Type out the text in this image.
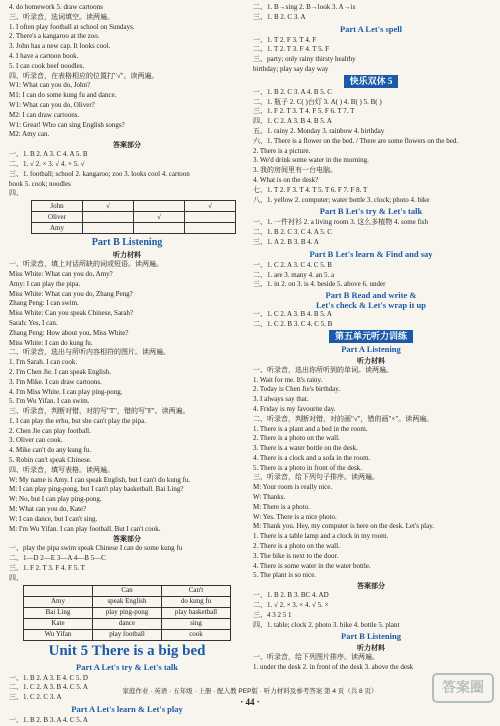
4. do homework 5. draw cartoons

三、听录音，选词填空。读两遍。

1. I often play football at school on Sundays.

2. There's a kangaroo at the zoo.

3. John has a new cap. It looks cool.

4. I have a cartoon book.

5. I can cook beef noodles.

四、听录音，在表格相应的位置打"√"。读两遍。

W1: What can you do, John?

M1: I can do some kung fu and dance.

W1: What can you do, Oliver?

M2: I can draw cartoons.

W1: Great! Who can sing English songs?

M2: Amy can.

答案部分

一、1. B 2. A 3. C 4. A 5. B

二、1. √ 2. × 3. √ 4. × 5. √

三、1. football; school 2. kangaroo; zoo 3. looks cool 4. cartoon

book 5. cook; noodles

四、

John	√		√
Oliver		√	
Amy			

Part B Listening

听力材料

一、听录音，填上对话所缺的词或短语。读两遍。

Miss White: What can you do, Amy?

Amy: I can play the pipa.

Miss White: What can you do, Zhang Peng?

Zhang Peng: I can swim.

Miss White: Can you speak Chinese, Sarah?

Sarah: Yes, I can.

Zhang Peng: How about you, Miss White?

Miss White: I can do kung fu.

二、听录音，选出与所听内容相符的图片。读两遍。

1. I'm Sarah. I can cook.

2. I'm Chen Jie. I can speak English.

3. I'm Mike. I can draw cartoons.

4. I'm Miss White. I can play ping-pong.

5. I'm Wu Yifan. I can swim.

三、听录音，判断对错，对的写"T"，错的写"F"。读两遍。

1. I can play the erhu, but she can't play the pipa.

2. Chen Jie can play football.

3. Oliver can cook.

4. Mike can't do any kung fu.

5. Robin can't speak Chinese.

四、听录音，填写表格。读两遍。

W: My name is Amy. I can speak English, but I can't do kung fu.

M: I can play ping-pong, but I can't play basketball. Bai Ling?

W: No, but I can play ping-pong.

M: What can you do, Kate?

W: I can dance, but I can't sing.

M: I'm Wu Yifan. I can play football. But I can't cook.

答案部分

一、play the pipa swim speak Chinese I can do some kung fu

二、1—D 2—E 3—A 4—B 5—C

三、1. F 2. T 3. F 4. F 5. T

四、

	Can	Can't
Amy	speak English	do kung fu
Bai Ling	play ping-pong	play basketball
Kate	dance	sing
Wu Yifan	play football	cook

Unit 5 There is a big bed

Part A Let's try & Let's talk

一、1. B 2. A 3. E 4. C 5. D

二、1. C 2. A 3. B 4. C 5. A

三、1. C 2. C 3. A

Part A Let's learn & Let's play

一、1. B 2. B 3. A 4. C 5. A

二、1. B→sing 2. B→look 3. A→is

三、1. B 2. C 3. A

Part A Let's spell

一、1. T 2. F 3. T 4. F

二、1. T 2. T 3. F 4. T 5. F

三、party; only rainy thirsty healthy

birthday; play say day way

快乐双休 5

一、1. B 2. C 3. A 4. B 5. C

二、1. 瓶子 2. C( )台灯 3. A( ) 4. B( ) 5. B( )

三、1. F 2. T 3. T 4. F 5. F 6. T 7. T

四、1. C 2. A 3. B 4. B 5. A

五、1. rainy 2. Monday 3. rainbow 4. birthday

六、1. There is a flower on the bed. / There are some flowers on the bed.

2. There is a picture.

3. We'd drink some water in the morning.

3. 我的房间里有一台电脑。

4. What is on the desk?

七、1. T 2. F 3. T 4. T 5. T 6. F 7. F 8. T

八、1. yellow 2. computer; water bottle 3. clock; photo 4. bike

Part B Let's try & Let's talk

一、1. 一件衬衫 2. a living room 3. 这么多植物 4. some fish

二、1. B 2. C 3. C 4. A 5. C

三、1. A 2. B 3. B 4. A

Part B Let's learn & Find and say

一、1. C 2. A 3. C 4. C 5. B

二、1. are 3. many 4. an 5. a

三、1. in 2. on 3. is 4. beside 5. above 6. under

Part B Read and write &

Let's check & Let's wrap it up

一、1. C 2. A 3. B 4. B 5. A

二、1. C 2. B 3. C 4. C 5. B

第五单元听力训练

Part A Listening

听力材料

一、听录音，选出你所听到的单词。读两遍。

1. Wait for me. It's rainy.

2. Today is Chen Jie's birthday.

3. I always say that.

4. Friday is my favourite day.

二、听录音，判断对错，对的画"√"，错的画"×"。读两遍。

1. There is a plant and a bed in the room.

2. There is a photo on the wall.

3. There is a water bottle on the desk.

4. There is a clock and a sofa in the room.

5. There is a photo in front of the desk.

三、听录音，给下列句子排序。读两遍。

M: Your room is really nice.

W: Thanks.

M: There is a photo.

W: Yes. There is a nice photo.

M: Thank you. Hey, my computer is here on the desk. Let's play.

1. There is a table lamp and a clock in my room.

2. There is a photo on the wall.

3. The bike is next to the door.

4. There is some water in the water bottle.

5. The plant is so nice.

答案部分

一、1. B 2. B 3. BC 4. AD

二、1. √ 2. × 3. × 4. √ 5. ×

三、4 3 2 5 1

四、1. table; clock 2. photo 3. bike 4. bottle 5. plant

Part B Listening

听力材料

一、听录音，给下列图片排序。读两遍。

1. under the desk 2. in front of the desk 3. above the desk

家庭作业 · 英语 · 五年级 · 上册 · 配人教 PEP版 · 听力材料及参考答案 第 4 页（共 8 页）
· 44 ·
答案圈
